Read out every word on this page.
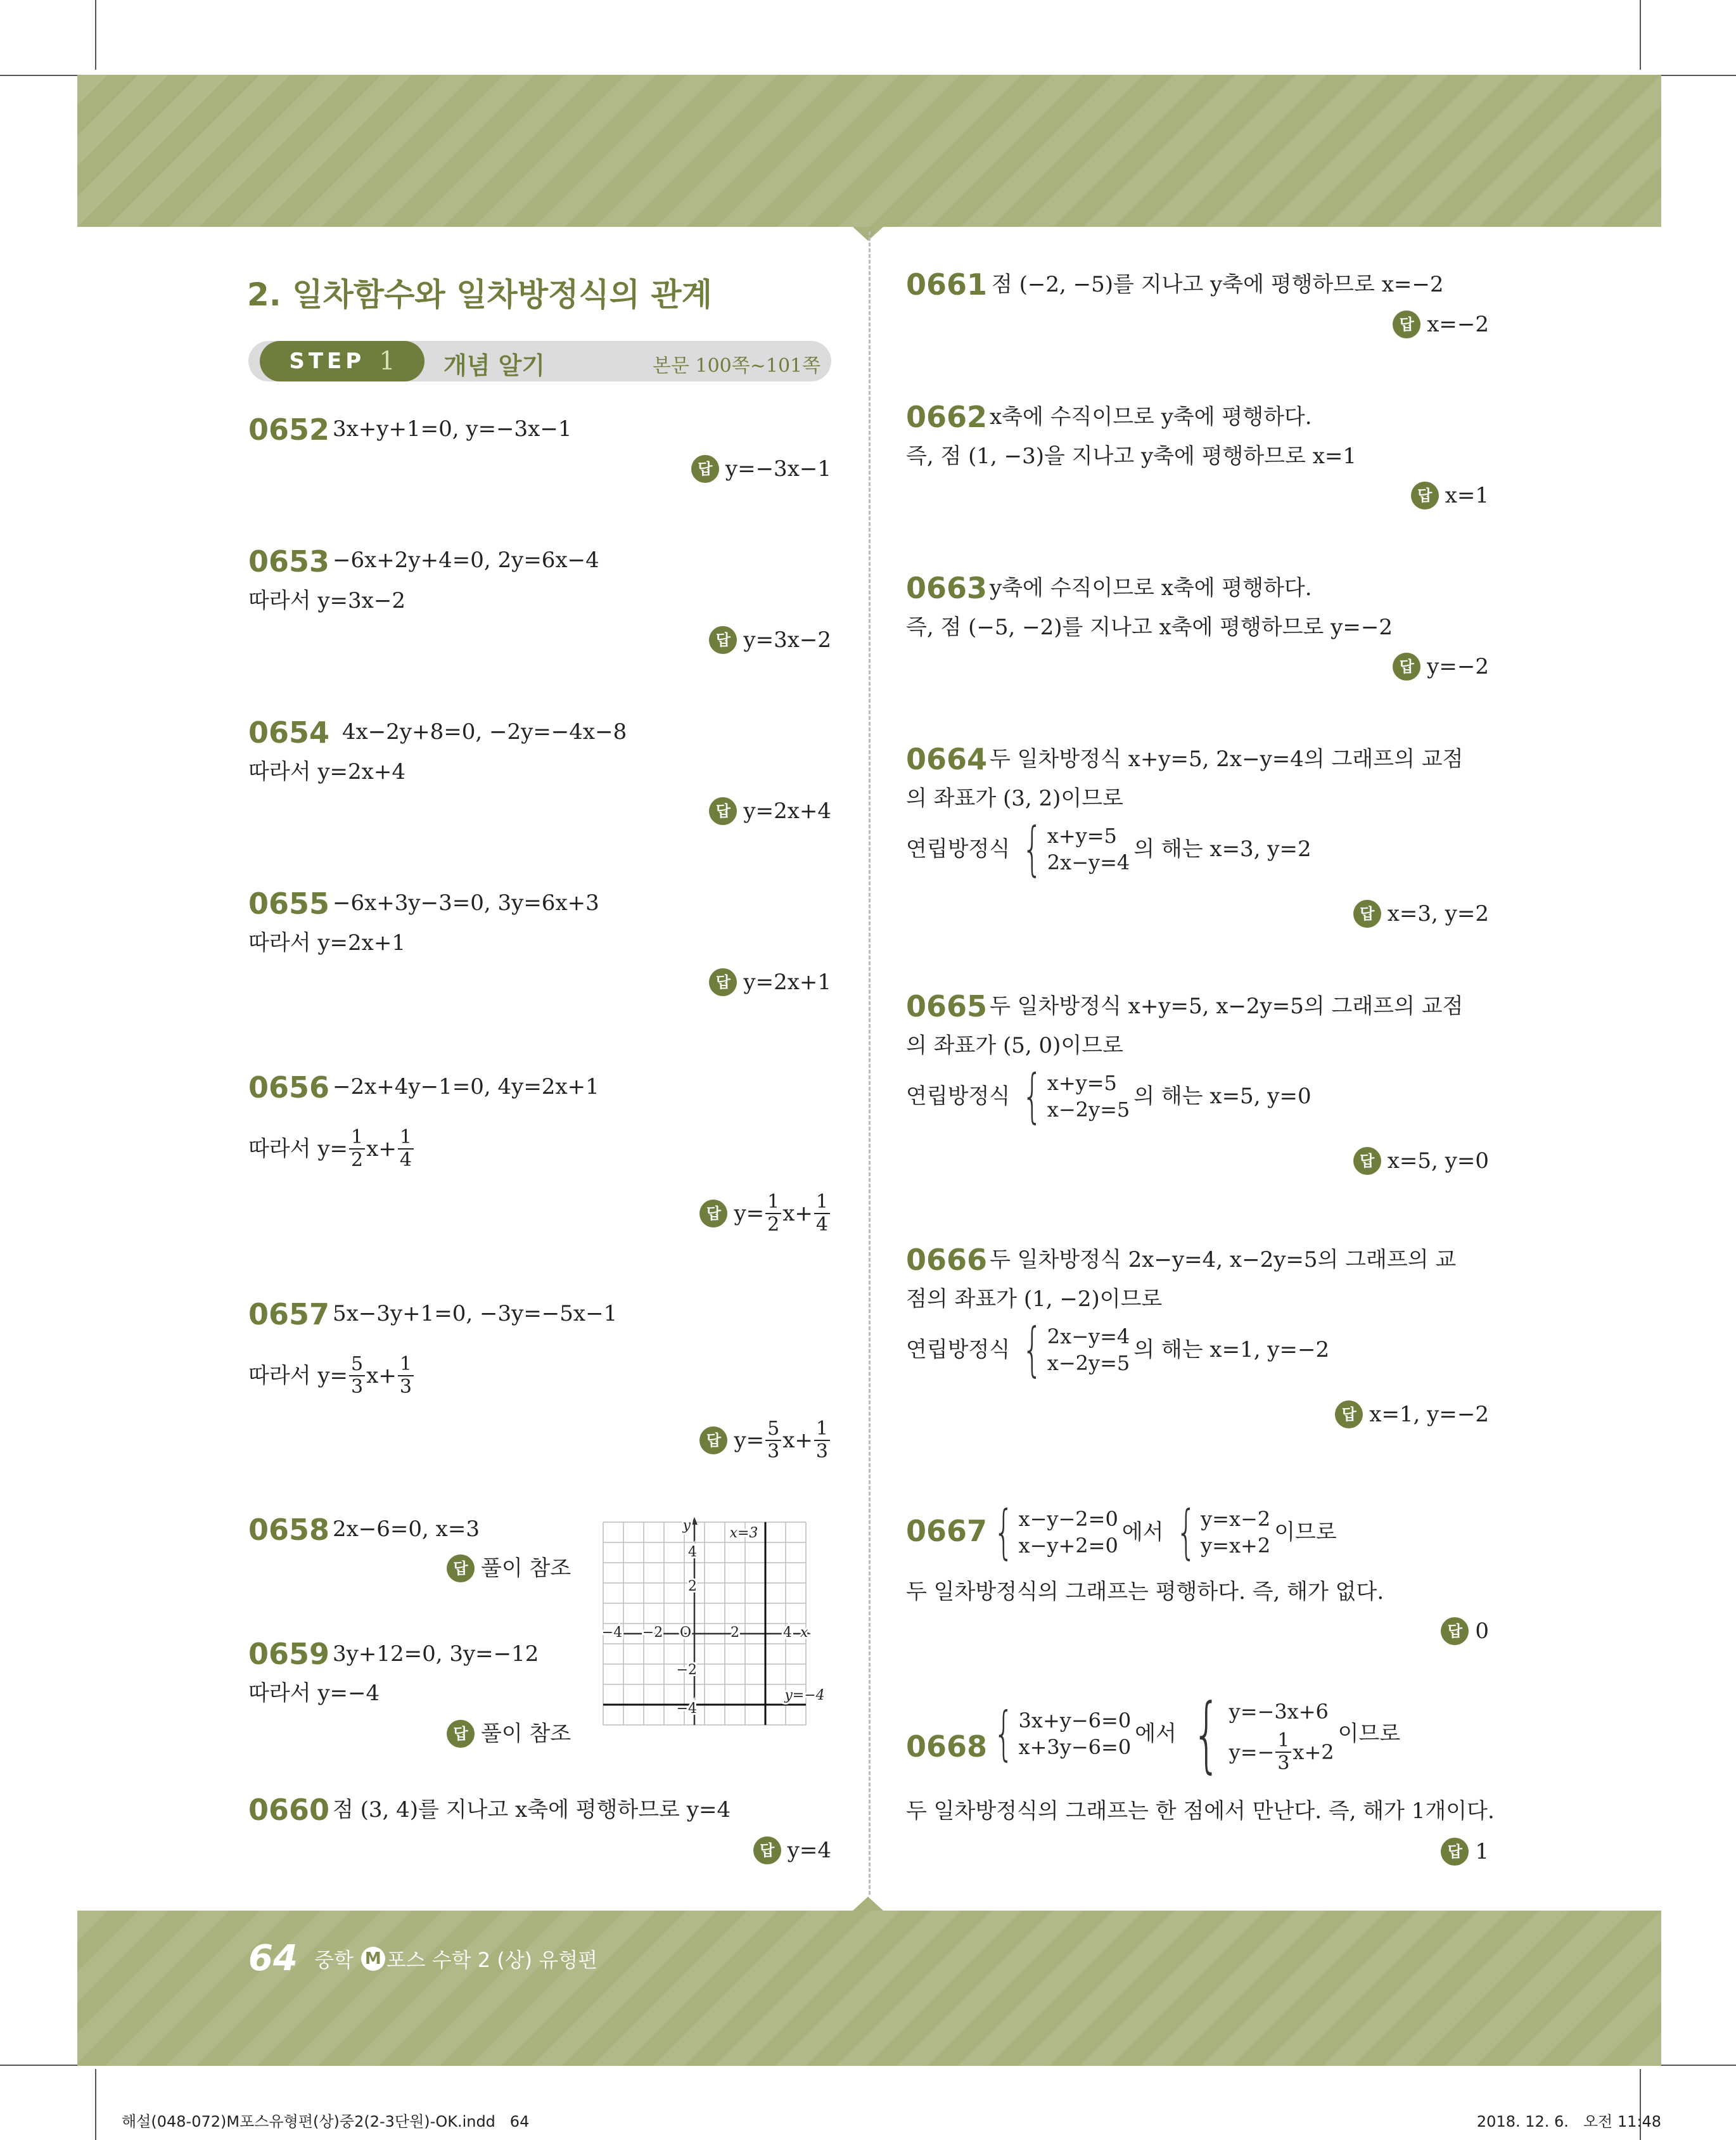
2. 일차함수와 일차방정식의 관계
STEP 1 개념 알기	본문 100쪽∼101쪽
0652 3x+y+1=0, y=−3x−1
답 y=−3x−1
0653 −6x+2y+4=0, 2y=6x−4
따라서 y=3x−2
답 y=3x−2
0654 4x−2y+8=0, −2y=−4x−8
따라서 y=2x+4
답 y=2x+4
0655 −6x+3y−3=0, 3y=6x+3
따라서 y=2x+1
답 y=2x+1
0656 −2x+4y−1=0, 4y=2x+1
따라서 $y= \frac{1}{2} x+ \frac{1}{4}$
답 $y= \frac{1}{2} x+ \frac{1}{4}$
0657 5x−3y+1=0, −3y=−5x−1
따라서 $y= \frac{5}{3} x+ \frac{1}{3}$
답 $y= \frac{5}{3} x+ \frac{1}{3}$
0658 2x−6=0, x=3
답 풀이 참조
0659 3y+12=0, 3y=−12
따라서 y=−4
답 풀이 참조
−4 −2	2	4
4
2
−2
−4
O	x
y	x=3
y=−4
0660 점 (3, 4)를 지나고 x축에 평행하므로 y=4
답 y=4
0661 점 (−2, −5)를 지나고 y축에 평행하므로 x=−2
답 x=−2
0662 x축에 수직이므로 y축에 평행하다.
즉, 점 (1, −3)을 지나고 y축에 평행하므로 x=1
답 x=1
0663 y축에 수직이므로 x축에 평행하다.
즉, 점 (−5, −2)를 지나고 x축에 평행하므로 y=−2
답 y=−2
0664 두 일차방정식 x+y=5, 2x−y=4의 그래프의 교점
의 좌표가 (3, 2)이므로
연립방정식 { x+y=5
2x−y=4
의 해는 x=3, y=2
답 x=3, y=2
0665 두 일차방정식 x+y=5, x−2y=5의 그래프의 교점
의 좌표가 (5, 0)이므로
연립방정식 { x+y=5
x−2y=5
의 해는 x=5, y=0
답 x=5, y=0
0666 두 일차방정식 2x−y=4, x−2y=5의 그래프의 교
점의 좌표가 (1, −2)이므로
연립방정식 { 2x−y=4
x−2y=5
의 해는 x=1, y=−2
답 x=1, y=−2
0667 { x−y−2=0
x−y+2=0
에서 { y=x−2
y=x+2
이므로
두 일차방정식의 그래프는 평행하다. 즉, 해가 없다.
답 0
0668 { 3x+y−6=0
x+3y−6=0
에서 { y=−3x+6
$y=- \frac{1}{3} x+2$
이므로
두 일차방정식의 그래프는 한 점에서 만난다. 즉, 해가 1개이다.
답 1
64 중학 M 포스 수학 2 (상) 유형편
해설(048-072)M포스유형편(상)중2(2-3단원)-OK.indd   64	2018. 12. 6.   오전 11:48
